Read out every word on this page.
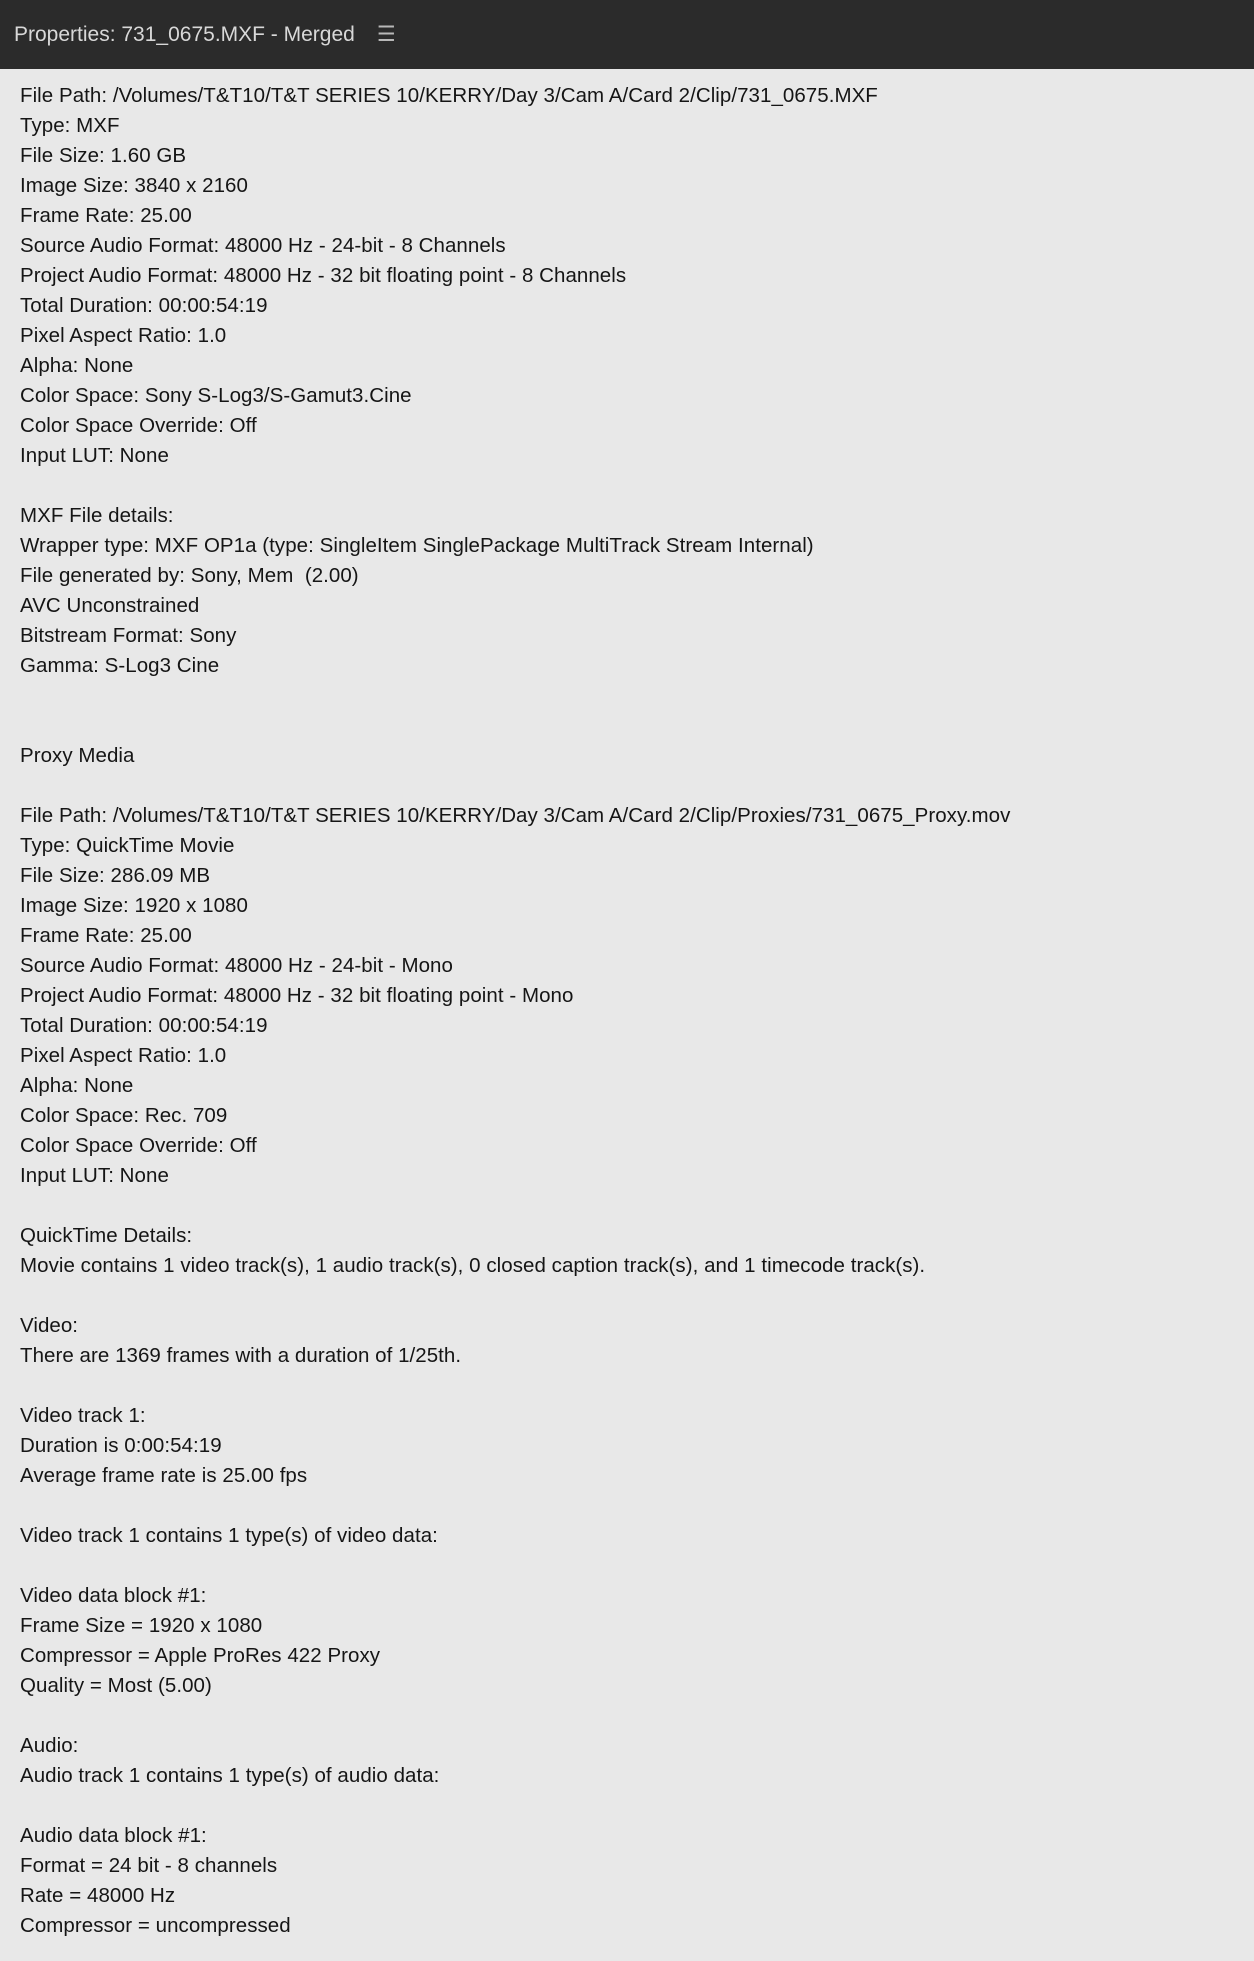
Properties: 731_0675.MXF - Merged ☰
File Path: /Volumes/T&T10/T&T SERIES 10/KERRY/Day 3/Cam A/Card 2/Clip/731_0675.MXF
Type: MXF
File Size: 1.60 GB
Image Size: 3840 x 2160
Frame Rate: 25.00
Source Audio Format: 48000 Hz - 24-bit - 8 Channels
Project Audio Format: 48000 Hz - 32 bit floating point - 8 Channels
Total Duration: 00:00:54:19
Pixel Aspect Ratio: 1.0
Alpha: None
Color Space: Sony S-Log3/S-Gamut3.Cine
Color Space Override: Off
Input LUT: None
MXF File details:
Wrapper type: MXF OP1a (type: SingleItem SinglePackage MultiTrack Stream Internal)
File generated by: Sony, Mem  (2.00)
AVC Unconstrained
Bitstream Format: Sony
Gamma: S-Log3 Cine
Proxy Media
File Path: /Volumes/T&T10/T&T SERIES 10/KERRY/Day 3/Cam A/Card 2/Clip/Proxies/731_0675_Proxy.mov
Type: QuickTime Movie
File Size: 286.09 MB
Image Size: 1920 x 1080
Frame Rate: 25.00
Source Audio Format: 48000 Hz - 24-bit - Mono
Project Audio Format: 48000 Hz - 32 bit floating point - Mono
Total Duration: 00:00:54:19
Pixel Aspect Ratio: 1.0
Alpha: None
Color Space: Rec. 709
Color Space Override: Off
Input LUT: None
QuickTime Details:
Movie contains 1 video track(s), 1 audio track(s), 0 closed caption track(s), and 1 timecode track(s).
Video:
There are 1369 frames with a duration of 1/25th.
Video track 1:
Duration is 0:00:54:19
Average frame rate is 25.00 fps
Video track 1 contains 1 type(s) of video data:
Video data block #1:
Frame Size = 1920 x 1080
Compressor = Apple ProRes 422 Proxy
Quality = Most (5.00)
Audio:
Audio track 1 contains 1 type(s) of audio data:
Audio data block #1:
Format = 24 bit - 8 channels
Rate = 48000 Hz
Compressor = uncompressed
